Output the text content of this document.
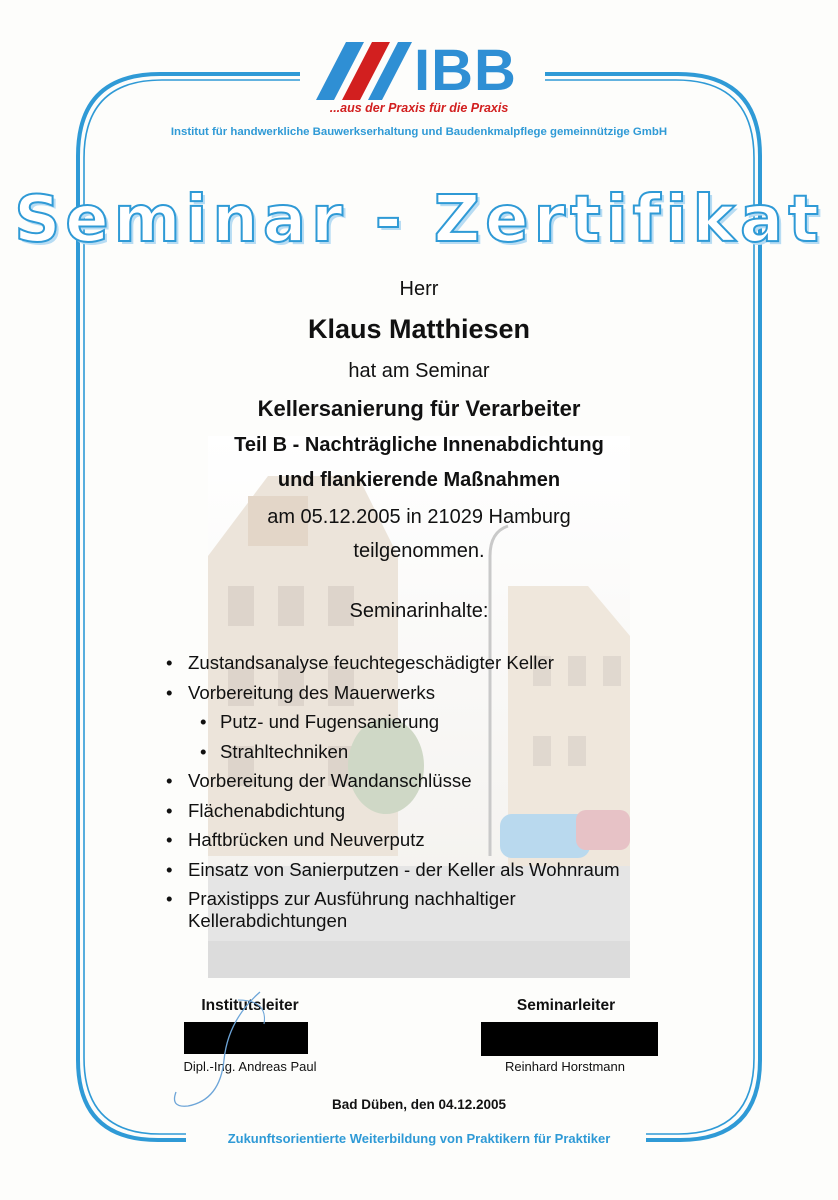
IBB
...aus der Praxis für die Praxis
Institut für handwerkliche Bauwerkserhaltung und Baudenkmalpflege gemeinnützige GmbH
Seminar - Zertifikat
Herr
Klaus Matthiesen
hat am Seminar
Kellersanierung für Verarbeiter
Teil B - Nachträgliche Innenabdichtung
und flankierende Maßnahmen
am 05.12.2005 in 21029 Hamburg
teilgenommen.
Seminarinhalte:
• Zustandsanalyse feuchtegeschädigter Keller
• Vorbereitung des Mauerwerks
• Putz- und Fugensanierung
• Strahltechniken
• Vorbereitung der Wandanschlüsse
• Flächenabdichtung
• Haftbrücken und Neuverputz
• Einsatz von Sanierputzen - der Keller als Wohnraum
• Praxistipps zur Ausführung nachhaltiger
Kellerabdichtungen
Institutsleiter
Dipl.-Ing. Andreas Paul
Seminarleiter
Reinhard Horstmann
Bad Düben, den 04.12.2005
Zukunftsorientierte Weiterbildung von Praktikern für Praktiker
